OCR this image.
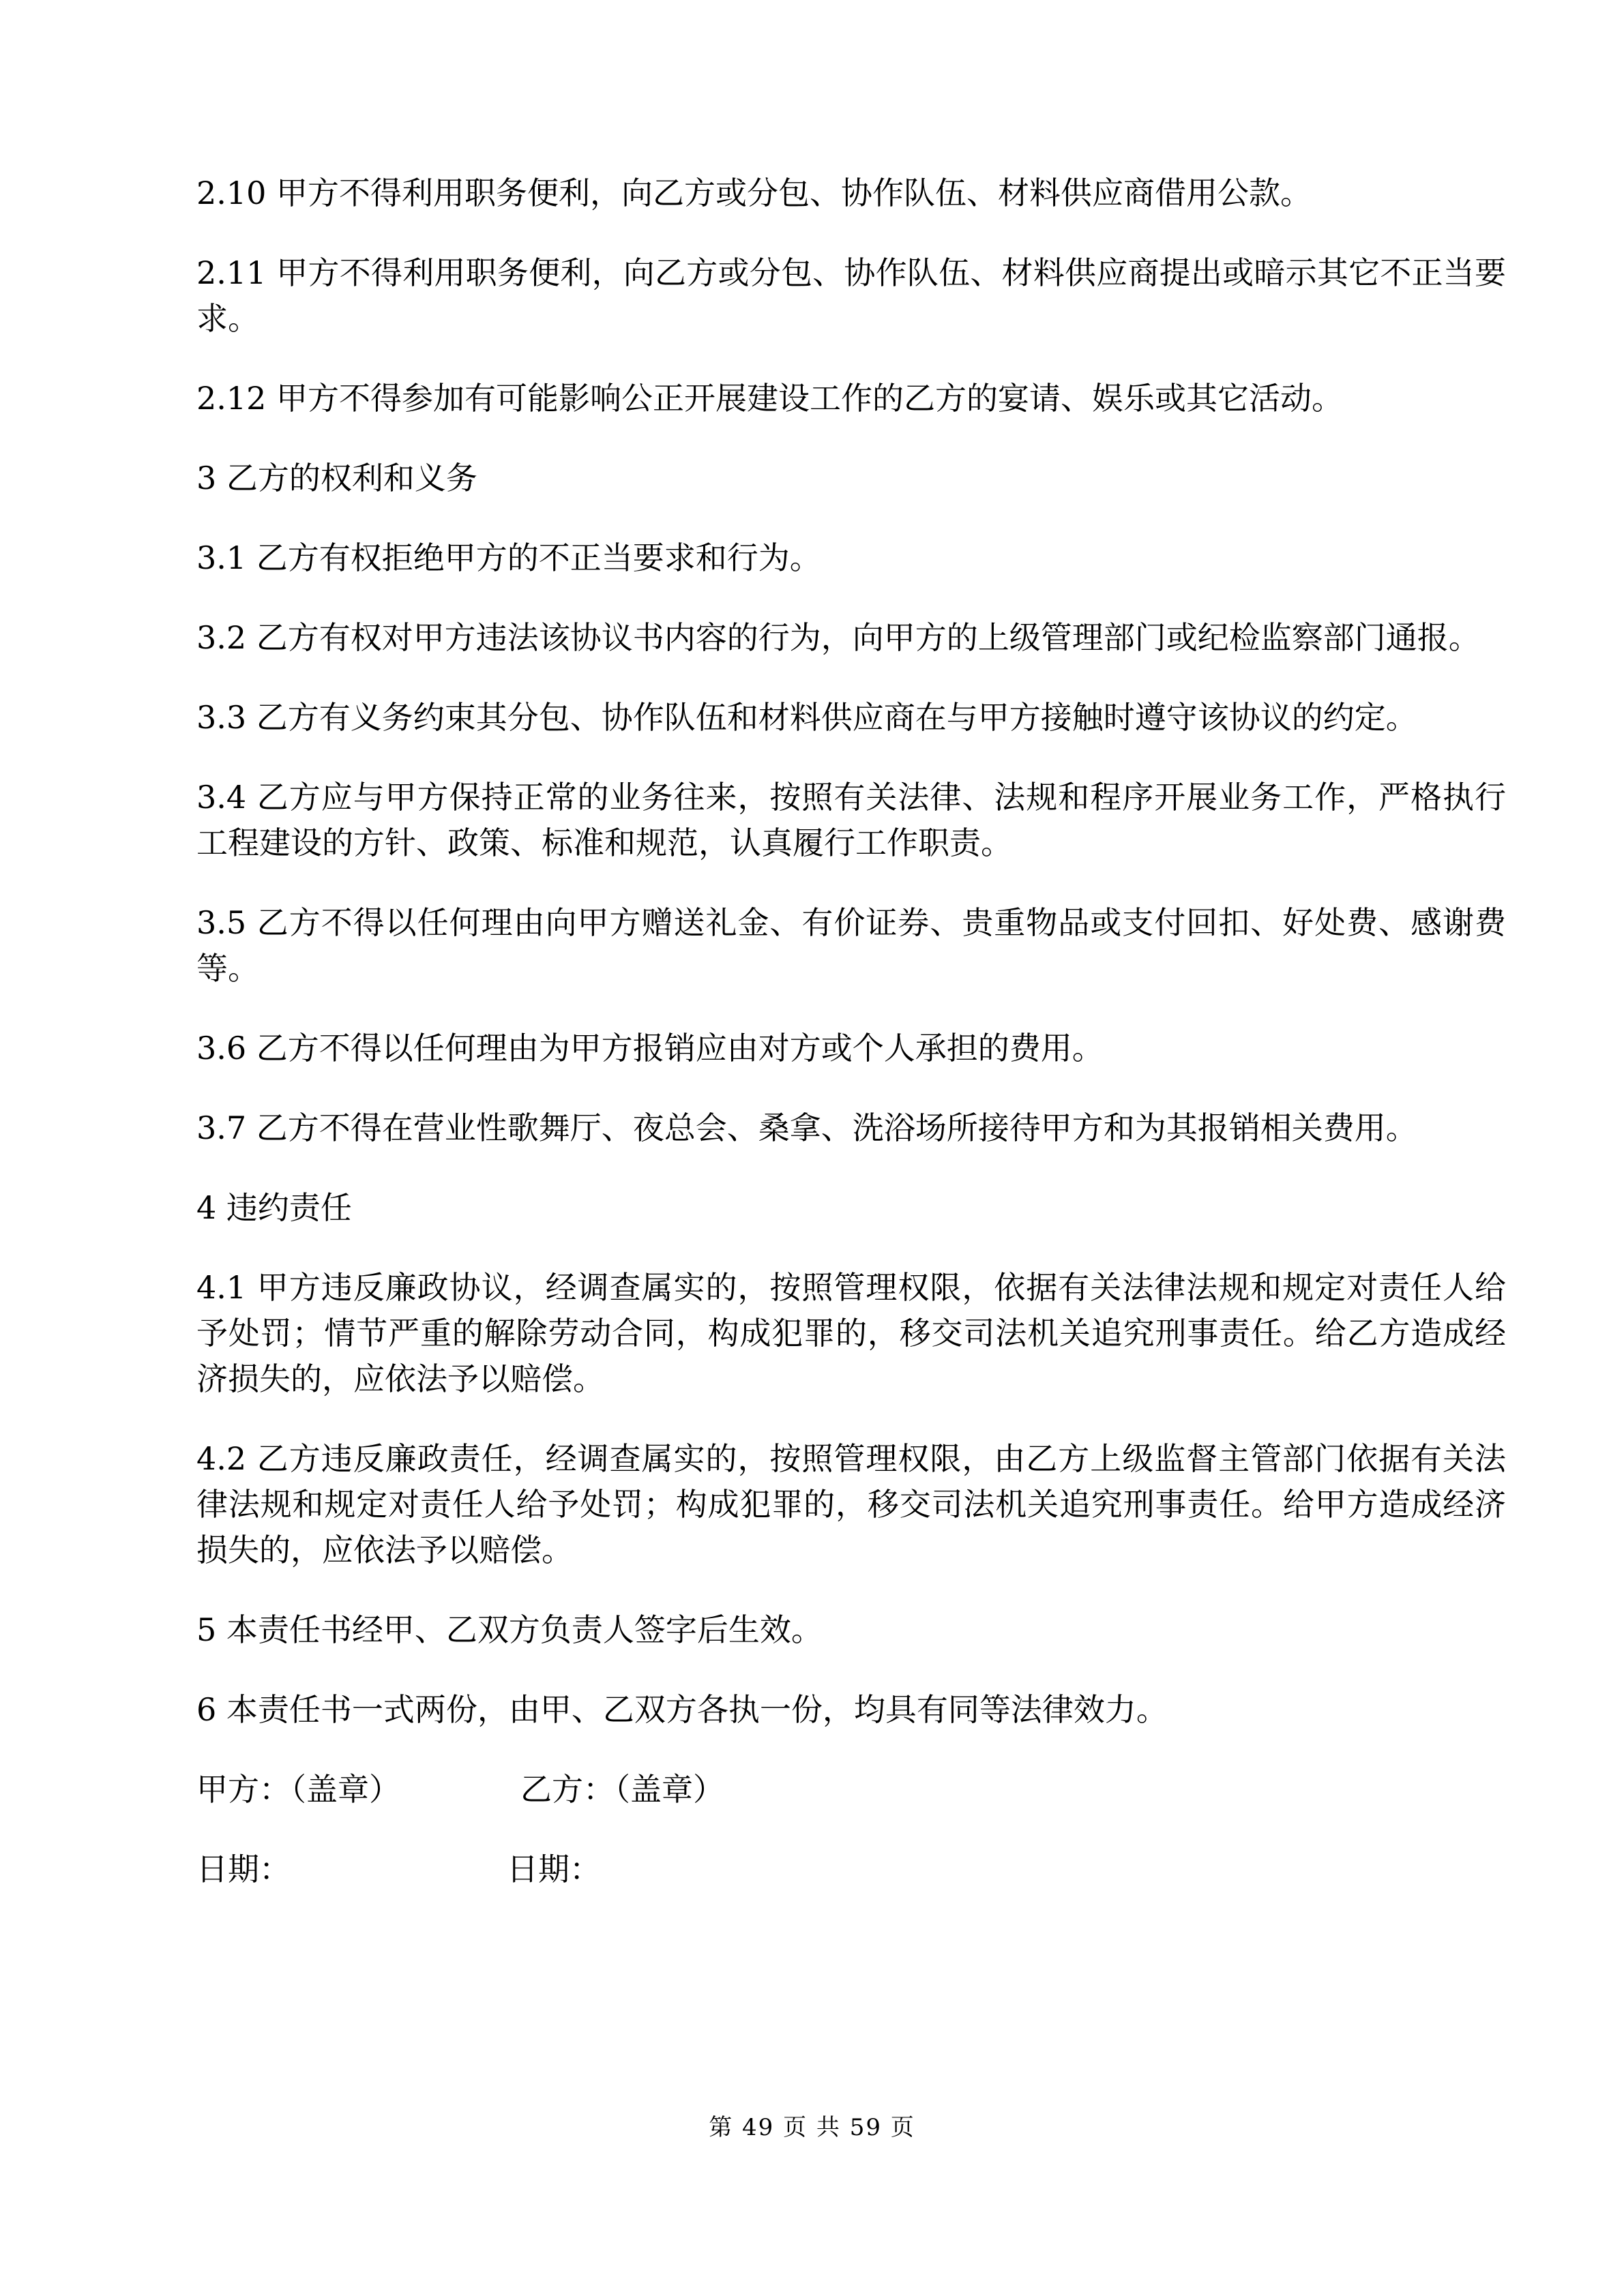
2.10 甲方不得利用职务便利，向乙方或分包、协作队伍、材料供应商借用公款。

2.11 甲方不得利用职务便利，向乙方或分包、协作队伍、材料供应商提出或暗示其它不正当要求。

2.12 甲方不得参加有可能影响公正开展建设工作的乙方的宴请、娱乐或其它活动。

3 乙方的权利和义务

3.1 乙方有权拒绝甲方的不正当要求和行为。

3.2 乙方有权对甲方违法该协议书内容的行为，向甲方的上级管理部门或纪检监察部门通报。

3.3 乙方有义务约束其分包、协作队伍和材料供应商在与甲方接触时遵守该协议的约定。

3.4 乙方应与甲方保持正常的业务往来，按照有关法律、法规和程序开展业务工作，严格执行工程建设的方针、政策、标准和规范，认真履行工作职责。

3.5 乙方不得以任何理由向甲方赠送礼金、有价证券、贵重物品或支付回扣、好处费、感谢费等。

3.6 乙方不得以任何理由为甲方报销应由对方或个人承担的费用。

3.7 乙方不得在营业性歌舞厅、夜总会、桑拿、洗浴场所接待甲方和为其报销相关费用。

4 违约责任

4.1 甲方违反廉政协议，经调查属实的，按照管理权限，依据有关法律法规和规定对责任人给予处罚；情节严重的解除劳动合同，构成犯罪的，移交司法机关追究刑事责任。给乙方造成经济损失的，应依法予以赔偿。

4.2 乙方违反廉政责任，经调查属实的，按照管理权限，由乙方上级监督主管部门依据有关法律法规和规定对责任人给予处罚；构成犯罪的，移交司法机关追究刑事责任。给甲方造成经济损失的，应依法予以赔偿。

5 本责任书经甲、乙双方负责人签字后生效。

6 本责任书一式两份，由甲、乙双方各执一份，均具有同等法律效力。

甲方：（盖章）	乙方：（盖章）
日期：	日期：
第 49 页 共 59 页
